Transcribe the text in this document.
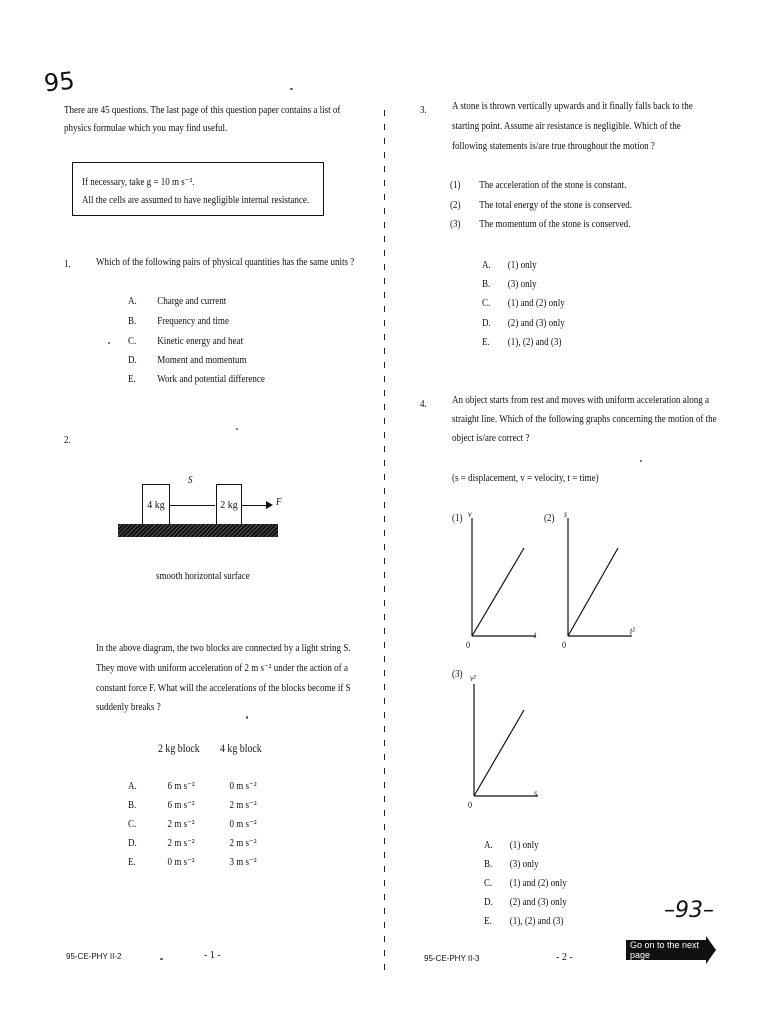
95
–93–
There are 45 questions. The last page of this question paper contains a list of
physics formulae which you may find useful.
If necessary, take g = 10 m s⁻².
All the cells are assumed to have negligible internal resistance.
1. Which of the following pairs of physical quantities has the same units ?
A. Charge and current
B. Frequency and time
C. Kinetic energy and heat
D. Moment and momentum
E. Work and potential difference
2.
S
4 kg	2 kg	F
smooth horizontal surface
In the above diagram, the two blocks are connected by a light string S.
They move with uniform acceleration of 2 m s⁻² under the action of a
constant force F. What will the accelerations of the blocks become if S
suddenly breaks ?
2 kg block 4 kg block
A.	6 m s⁻²	0 m s⁻²
B.	6 m s⁻²	2 m s⁻²
C.	2 m s⁻²	0 m s⁻²
D.	2 m s⁻²	2 m s⁻²
E.	0 m s⁻²	3 m s⁻²
3. A stone is thrown vertically upwards and it finally falls back to the
starting point. Assume air resistance is negligible. Which of the
following statements is/are true throughout the motion ?
(1) The acceleration of the stone is constant.
(2) The total energy of the stone is conserved.
(3) The momentum of the stone is conserved.
A. (1) only
B. (3) only
C. (1) and (2) only
D. (2) and (3) only
E. (1), (2) and (3)
4. An object starts from rest and moves with uniform acceleration along a
straight line. Which of the following graphs concerning the motion of the
object is/are correct ?
(s = displacement, v = velocity, t = time)
(1) v
0
t
(2) s
0
t²
(3) v²
0
s
A. (1) only
B. (3) only
C. (1) and (2) only
D. (2) and (3) only
E. (1), (2) and (3)
95-CE-PHY II-2	- 1 -	95-CE-PHY II-3	- 2 -
Go on to the next page
